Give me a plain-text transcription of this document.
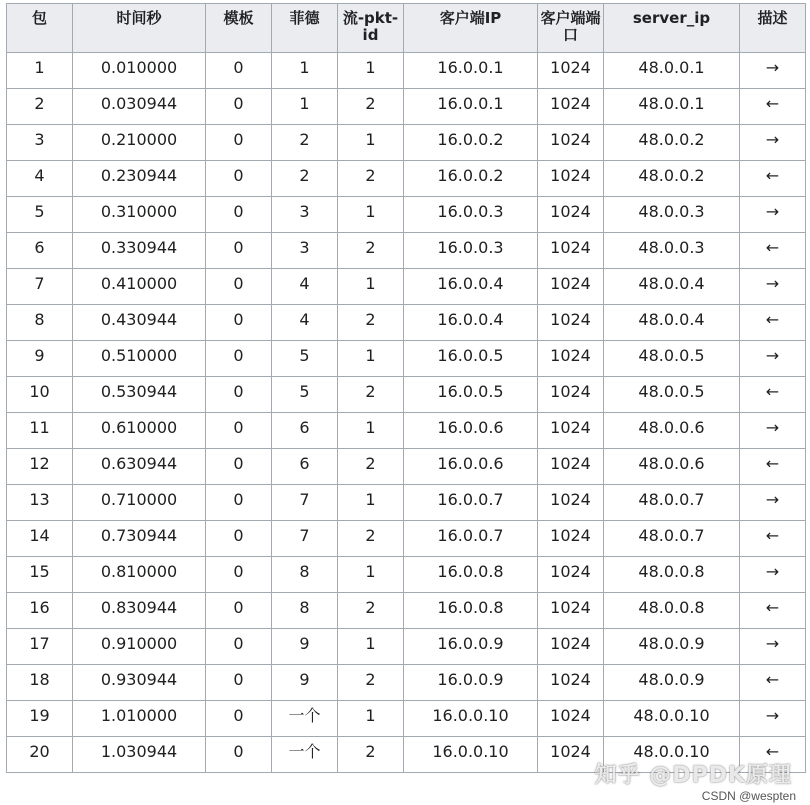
包	时间秒	模板	菲德	流-pkt-id	客户端IP	客户端端口	server_ip	描述
1	0.010000	0	1	1	16.0.0.1	1024	48.0.0.1	→
2	0.030944	0	1	2	16.0.0.1	1024	48.0.0.1	←
3	0.210000	0	2	1	16.0.0.2	1024	48.0.0.2	→
4	0.230944	0	2	2	16.0.0.2	1024	48.0.0.2	←
5	0.310000	0	3	1	16.0.0.3	1024	48.0.0.3	→
6	0.330944	0	3	2	16.0.0.3	1024	48.0.0.3	←
7	0.410000	0	4	1	16.0.0.4	1024	48.0.0.4	→
8	0.430944	0	4	2	16.0.0.4	1024	48.0.0.4	←
9	0.510000	0	5	1	16.0.0.5	1024	48.0.0.5	→
10	0.530944	0	5	2	16.0.0.5	1024	48.0.0.5	←
11	0.610000	0	6	1	16.0.0.6	1024	48.0.0.6	→
12	0.630944	0	6	2	16.0.0.6	1024	48.0.0.6	←
13	0.710000	0	7	1	16.0.0.7	1024	48.0.0.7	→
14	0.730944	0	7	2	16.0.0.7	1024	48.0.0.7	←
15	0.810000	0	8	1	16.0.0.8	1024	48.0.0.8	→
16	0.830944	0	8	2	16.0.0.8	1024	48.0.0.8	←
17	0.910000	0	9	1	16.0.0.9	1024	48.0.0.9	→
18	0.930944	0	9	2	16.0.0.9	1024	48.0.0.9	←
19	1.010000	0	一个	1	16.0.0.10	1024	48.0.0.10	→
20	1.030944	0	一个	2	16.0.0.10	1024	48.0.0.10	←
知乎 @DPDK原理
CSDN @wespten
